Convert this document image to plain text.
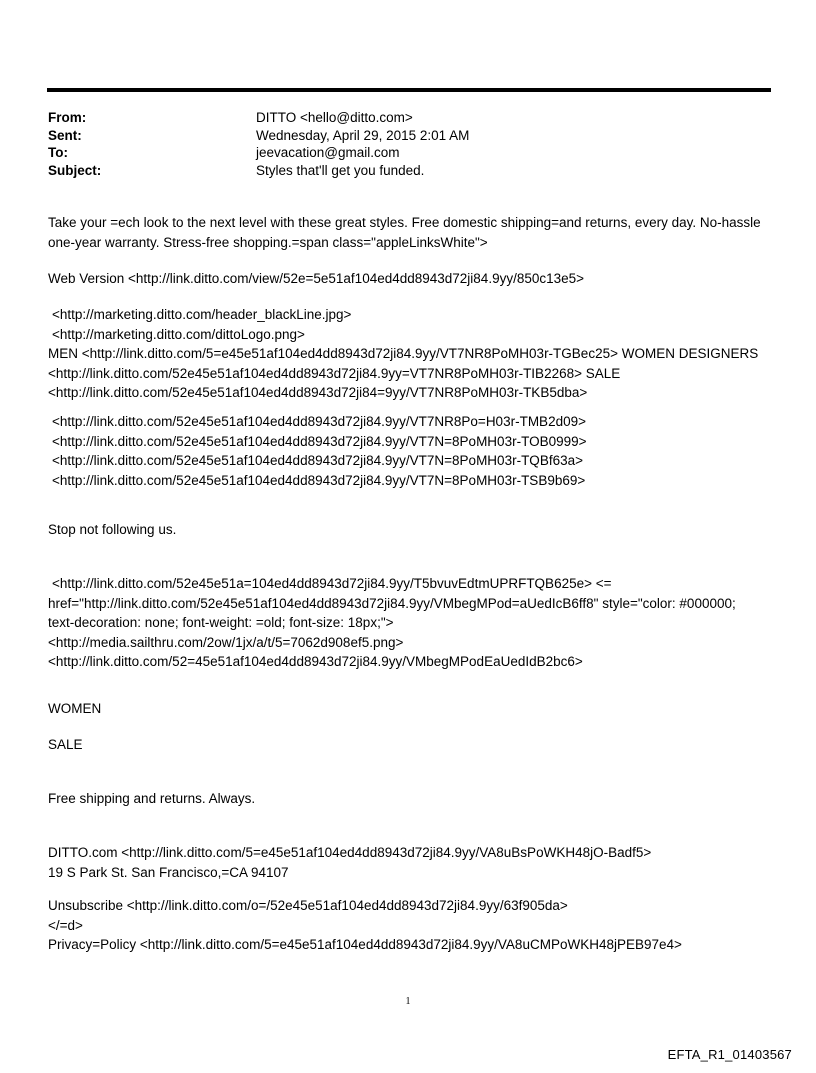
From:	DITTO <hello@ditto.com>
Sent:	Wednesday, April 29, 2015 2:01 AM
To:	jeevacation@gmail.com
Subject:	Styles that'll get you funded.
Take your =ech look to the next level with these great styles. Free domestic shipping=and returns, every day. No-hassle
one-year warranty. Stress-free shopping.=span class="appleLinksWhite">
Web Version <http://link.ditto.com/view/52e=5e51af104ed4dd8943d72ji84.9yy/850c13e5>
<http://marketing.ditto.com/header_blackLine.jpg>
<http://marketing.ditto.com/dittoLogo.png>
MEN <http://link.ditto.com/5=e45e51af104ed4dd8943d72ji84.9yy/VT7NR8PoMH03r-TGBec25> WOMEN DESIGNERS
<http://link.ditto.com/52e45e51af104ed4dd8943d72ji84.9yy=VT7NR8PoMH03r-TIB2268> SALE
<http://link.ditto.com/52e45e51af104ed4dd8943d72ji84=9yy/VT7NR8PoMH03r-TKB5dba>
<http://link.ditto.com/52e45e51af104ed4dd8943d72ji84.9yy/VT7NR8Po=H03r-TMB2d09>
<http://link.ditto.com/52e45e51af104ed4dd8943d72ji84.9yy/VT7N=8PoMH03r-TOB0999>
<http://link.ditto.com/52e45e51af104ed4dd8943d72ji84.9yy/VT7N=8PoMH03r-TQBf63a>
<http://link.ditto.com/52e45e51af104ed4dd8943d72ji84.9yy/VT7N=8PoMH03r-TSB9b69>
Stop not following us.
<http://link.ditto.com/52e45e51a=104ed4dd8943d72ji84.9yy/T5bvuvEdtmUPRFTQB625e> <=
href="http://link.ditto.com/52e45e51af104ed4dd8943d72ji84.9yy/VMbegMPod=aUedIcB6ff8" style="color: #000000;
text-decoration: none; font-weight: =old; font-size: 18px;">
<http://media.sailthru.com/2ow/1jx/a/t/5=7062d908ef5.png>
<http://link.ditto.com/52=45e51af104ed4dd8943d72ji84.9yy/VMbegMPodEaUedIdB2bc6>
WOMEN
SALE
Free shipping and returns. Always.
DITTO.com <http://link.ditto.com/5=e45e51af104ed4dd8943d72ji84.9yy/VA8uBsPoWKH48jO-Badf5>
19 S Park St. San Francisco,=CA 94107
Unsubscribe <http://link.ditto.com/o=/52e45e51af104ed4dd8943d72ji84.9yy/63f905da>
</=d>
Privacy=Policy <http://link.ditto.com/5=e45e51af104ed4dd8943d72ji84.9yy/VA8uCMPoWKH48jPEB97e4>
1
EFTA_R1_01403567
